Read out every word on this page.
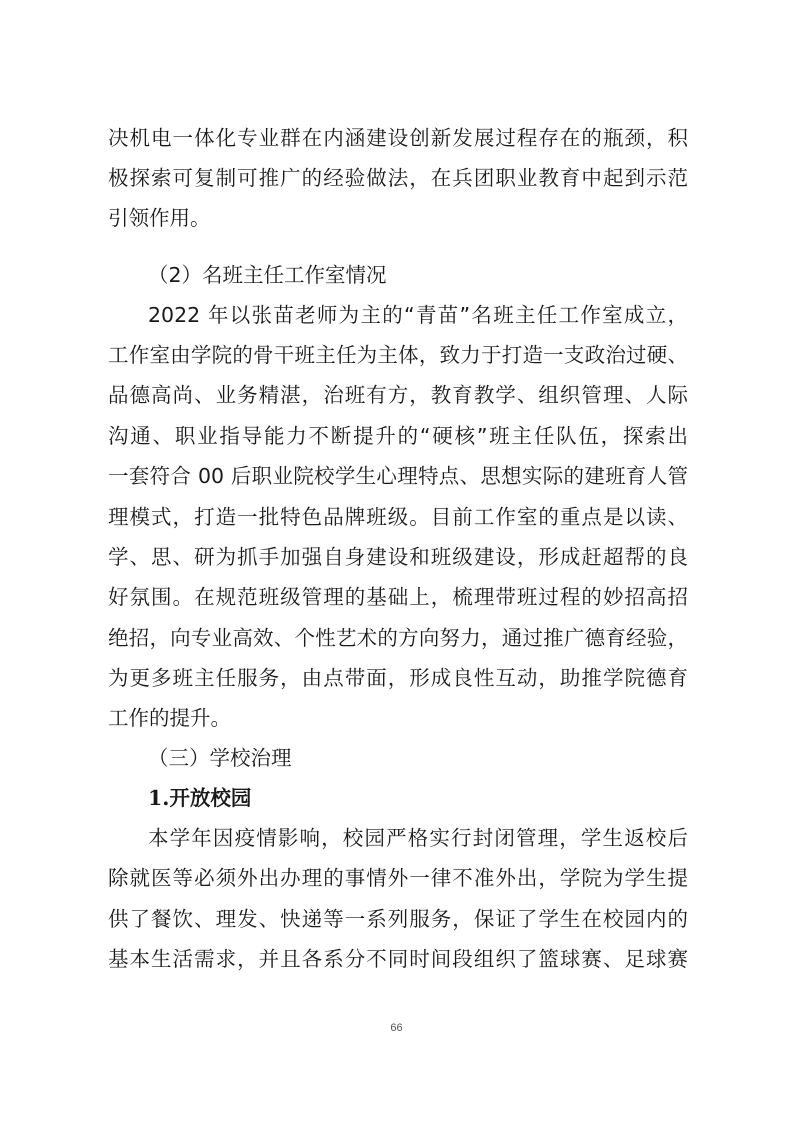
决机电一体化专业群在内涵建设创新发展过程存在的瓶颈，积
极探索可复制可推广的经验做法，在兵团职业教育中起到示范
引领作用。
（2）名班主任工作室情况
2022 年以张苗老师为主的“青苗”名班主任工作室成立，
工作室由学院的骨干班主任为主体，致力于打造一支政治过硬、
品德高尚、业务精湛，治班有方，教育教学、组织管理、人际
沟通、职业指导能力不断提升的“硬核”班主任队伍，探索出
一套符合 00 后职业院校学生心理特点、思想实际的建班育人管
理模式，打造一批特色品牌班级。目前工作室的重点是以读、
学、思、研为抓手加强自身建设和班级建设，形成赶超帮的良
好氛围。在规范班级管理的基础上，梳理带班过程的妙招高招
绝招，向专业高效、个性艺术的方向努力，通过推广德育经验，
为更多班主任服务，由点带面，形成良性互动，助推学院德育
工作的提升。
（三）学校治理
1.开放校园
本学年因疫情影响，校园严格实行封闭管理，学生返校后
除就医等必须外出办理的事情外一律不准外出，学院为学生提
供了餐饮、理发、快递等一系列服务，保证了学生在校园内的
基本生活需求，并且各系分不同时间段组织了篮球赛、足球赛
66
